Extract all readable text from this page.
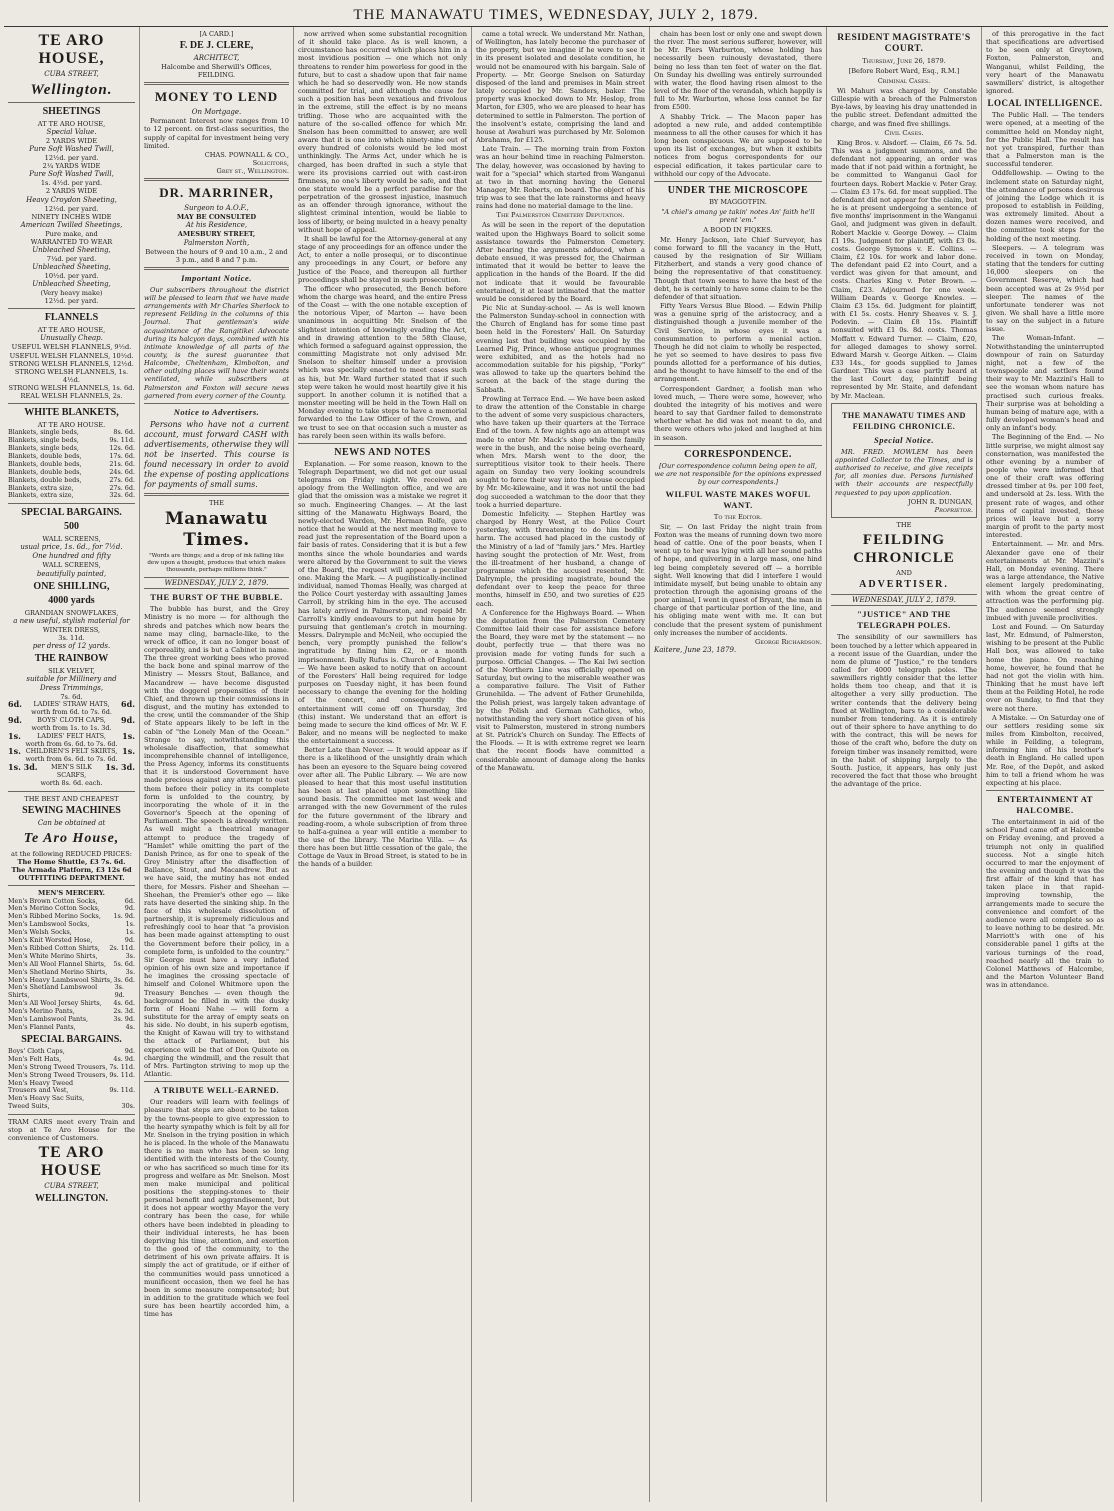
THE MANAWATU TIMES, WEDNESDAY, JULY 2, 1879.
TE ARO HOUSE,
CUBA STREET,
Wellington.
SHEETINGS
AT TE ARO HOUSE,
Special Value.
2 YARDS WIDE
Pure Soft Washed Twill,
12½d. per yard.
2¼ YARDS WIDE
Pure Soft Washed Twill,
1s. 4½d. per yard.
2 YARDS WIDE
Heavy Croydon Sheeting,
12½d. per yard.
NINETY INCHES WIDE
American Twilled Sheetings,
Pure make, and
WARRANTED TO WEAR
Unbleached Sheeting,
7¼d. per yard.
Unbleached Sheeting,
10½d. per yard.
Unbleached Sheeting,
(Very heavy make)
12½d. per yard.
FLANNELS
AT TE ARO HOUSE,
Unusually Cheap.
USEFUL WELSH FLANNELS, 9½d.
USEFUL WELSH FLANNELS, 10½d.
STRONG WELSH FLANNELS, 12½d.
STRONG WELSH FLANNELS, 1s. 4½d.
STRONG WELSH FLANNELS, 1s. 6d.
REAL WELSH FLANNELS, 2s.
WHITE BLANKETS,
AT TE ARO HOUSE.
Blankets, single beds,	8s. 6d.
Blankets, single beds,	9s. 11d.
Blankets, single beds,	12s. 6d.
Blankets, double beds,	17s. 6d.
Blankets, double beds,	21s. 6d.
Blankets, double beds,	24s. 6d.
Blankets, double beds,	27s. 6d.
Blankets, extra size,	27s. 6d.
Blankets, extra size,	32s. 6d.
SPECIAL BARGAINS.
500
WALL SCREENS,
usual price, 1s. 6d., for 7½d.
One hundred and fifty
WALL SCREENS,
beautifully painted,
ONE SHILLING,
4000 yards
GRANDIAN SNOWFLAKES,
a new useful, stylish material for
WINTER DRESS,
3s. 11d.
per dress of 12 yards.
THE RAINBOW
SILK VELVET,
suitable for Millinery and
Dress Trimmings,
7s. 6d.
6d.	LADIES' STRAW HATS,	6d.
worth from 6d. to 7s. 6d.
9d.	BOYS' CLOTH CAPS,	9d.
worth from 1s. to 1s. 3d.
1s.	LADIES' FELT HATS,	1s.
worth from 6s. 6d. to 7s. 6d.
1s. CHILDREN'S FELT SKIRTS, 1s.
worth from 6s. 6d. to 7s. 6d.
1s. 3d.	MEN'S SILK SCARFS,
1s. 3d.
worth 8s. 6d. each.
THE BEST AND CHEAPEST
SEWING MACHINES
Can be obtained at
Te Aro House,
at the following REDUCED PRICES:
The Home Shuttle, £3 7s. 6d.
The Armada Platform, £3 12s 6d
OUTFITTING DEPARTMENT.
MEN'S MERCERY.
Men's Brown Cotton Socks,	6d.
Men's Merino Cotton Socks,	9d.
Men's Ribbed Merino Socks, 1s. 9d.
Men's Lambswool Socks,	1s.
Men's Welsh Socks,	1s.
Men's Knit Worsted Hose,	9d.
Men's Ribbed Cotton Shirts, 2s. 11d.
Men's White Merino Shirts,	3s.
Men's All Wool Flannel Shirts, 5s. 6d.
Men's Shetland Merino Shirts,	3s.
Men's Heavy Lambswool Shirts, 3s. 6d.
Men's Shetland Lambswool Shirts,
3s. 9d.
Men's All Wool Jersey Shirts, 4s. 6d.
Men's Merino Pants,	2s. 3d.
Men's Lambswool Pants,	3s. 9d.
Men's Flannel Pants,	4s.
SPECIAL BARGAINS.
Boys' Cloth Caps,	9d.
Men's Felt Hats,	4s. 9d.
Men's Strong Tweed Trousers, 7s. 11d.
Men's Strong Tweed Trousers, 9s. 11d.
Men's Heavy Tweed
Trousers and Vest,	9s. 11d.
Men's Heavy Sac Suits,
Tweed Suits,	30s.
TRAM CARS meet every Train and stop at Te Aro House for the convenience of Customers.
TE ARO HOUSE
CUBA STREET,
WELLINGTON.
[A CARD.]
F. DE J. CLERE,
ARCHITECT,
Halcombe and Sherwill's Offices, FEILDING.
MONEY TO LEND
On Mortgage.

Permanent Interest now ranges from 10 to 12 percent. on first-class securities, the supply of capital for investment being very limited.

CHAS. POWNALL & CO.,
Solicitors,
Grey st., Wellington.
DR. MARRINER,
Surgeon to A.O.F.,
MAY BE CONSULTED
At his Residence,
AMESBURY STREET,
Palmerston North,
Between the hours of 9 and 10 a.m., 2 and 3 p.m., and 8 and 7 p.m.
Important Notice.

Our subscribers throughout the district will be pleased to learn that we have made arrangements with Mr Charles Sherlock to represent Feilding in the columns of this Journal. That gentleman's wide acquaintance of the Rangitikei Advocate during its halcyon days, combined with his intimate knowledge of all parts of the county, is the surest guarantee that Halcombe, Cheltenham, Kimbolton, and other outlying places will have their wants ventilated, while subscribers at Palmerston and Foxton will secure news garnered from every corner of the County.

Notice to Advertisers.

Persons who have not a current account, must forward CASH with advertisements, otherwise they will not be inserted. This course is found necessary in order to avoid the expense of posting applications for payments of small sums.

THE
Manawatu Times.
"Words are things; and a drop of ink falling like dew upon a thought, produces that which makes thousands, perhaps millions think."
WEDNESDAY, JULY 2, 1879.
THE BURST OF THE BUBBLE.

The bubble has burst, and the Grey Ministry is no more — for although the shreds and patches which now bears the name may cling, barnacle-like, to the wreck of office, it can no longer boast of corporeality, and is but a Cabinet in name. The three great working bees who proved the back bone and spinal marrow of the Ministry — Messrs Stout, Ballance, and Macandrew — have become disgusted with the doggerel propensities of their Chief, and thrown up their commissions in disgust, and the mutiny has extended to the crew, until the commander of the Ship of State appears likely to be left in the cabin of "the Lonely Man of the Ocean." Strange to say, notwithstanding this wholesale disaffection, that somewhat incomprehensible channel of intelligence, the Press Agency, informs its constituents that it is understood Government have made precious against any attempt to oust them before their policy in its complete form is unfolded to the country, by incorporating the whole of it in the Governor's Speech at the opening of Parliament. The speech is already written. As well might a theatrical manager attempt to produce the tragedy of "Hamlet" while omitting the part of the Danish Prince, as for one to speak of the Grey Ministry after the disaffection of Ballance, Stout, and Macandrew. But as we have said, the mutiny has not ended there, for Messrs. Fisher and Sheehan — Sheehan, the Premier's other ego — like rats have deserted the sinking ship. In the face of this wholesale dissolution of partnership, it is supremely ridiculous and refreshingly cool to hear that "a provision has been made against attempting to oust the Government before their policy, in a complete form, is unfolded to the country." Sir George must have a very inflated opinion of his own size and importance if he imagines the crossing spectacle of himself and Colonel Whitmore upon the Treasury Benches — even though the background be filled in with the dusky form of Hoani Nahe — will form a substitute for the array of empty seats on his side. No doubt, in his superb egotism, the Knight of Kawau will try to withstand the attack of Parliament, but his experience will be that of Don Quixote on charging the windmill, and the result that of Mrs. Partington striving to mop up the Atlantic.

A TRIBUTE WELL-EARNED.

Our readers will learn with feelings of pleasure that steps are about to be taken by the towns-people to give expression to the hearty sympathy which is felt by all for Mr. Snelson in the trying position in which he is placed. In the whole of the Manawatu there is no man who has been so long identified with the interests of the County, or who has sacrificed so much time for its progress and welfare as Mr. Snelson. Most men make municipal and political positions the stepping-stones to their personal benefit and aggrandisement, but it does not appear worthy Mayor the very contrary has been the case, for while others have been indebted in pleading to their individual interests, he has been depriving his time, attention, and exertion to the good of the community, to the detriment of his own private affairs. It is simply the act of gratitude, or if either of the communities would pass unnoticed a munificent occasion, then we feel he has been in some measure compensated; but in addition to the gratitude which we feel sure has been heartily accorded him, a time has

now arrived when some substantial recognition of it should take place. As is well known, a circumstance has occurred which places him in a most invidious position — one which not only threatens to render him powerless for good in the future, but to cast a shadow upon that fair name which he had so deservedly won. He now stands committed for trial, and although the cause for such a position has been vexatious and frivolous in the extreme, still the effect is by no means trifling. Those who are acquainted with the nature of the so-called offence for which Mr. Snelson has been committed to answer, are well aware that it is one into which ninety-nine out of every hundred of colonists would be led most unthinkingly. The Arms Act, under which he is charged, has been drafted in such a style that were its provisions carried out with cast-iron firmness, no one's liberty would be safe, and that one statute would be a perfect paradise for the perpetration of the grossest injustice, inasmuch as an offender through ignorance, without the slightest criminal intention, would be liable to loss of liberty, or being mulcted in a heavy penalty without hope of appeal.

It shall be lawful for the Attorney-general at any stage of any proceedings for an offence under the Act, to enter a nolle prosequi, or to discontinue any proceedings in any Court, or before any Justice of the Peace, and thereupon all further proceedings shall be stayed in such prosecution.

The officer who prosecuted, the Bench before whom the charge was heard, and the entire Press of the Coast — with the one notable exception of the notorious Viper, of Marton — have been unanimous in acquitting Mr. Snelson of the slightest intention of knowingly evading the Act, and in drawing attention to the 58th Clause, which formed a safeguard against oppression, the committing Magistrate not only advised Mr. Snelson to shelter himself under a provision which was specially enacted to meet cases such as his, but Mr. Ward further stated that if such step were taken he would most heartily give it his support. In another column it is notified that a monster meeting will be held in the Town Hall on Monday evening to take steps to have a memorial forwarded to the Law Officer of the Crown, and we trust to see on that occasion such a muster as has rarely been seen within its walls before.

NEWS AND NOTES

Explanation. — For some reason, known to the Telegraph Department, we did not get our usual telegrams on Friday night. We received an apology from the Wellington office, and we are glad that the omission was a mistake we regret it so much. Engineering Changes. — At the last sitting of the Manawatu Highways Board, the newly-elected Warden, Mr. Herman Rolfe, gave notice that he would at the next meeting move to read just the representation of the Board upon a fair basis of rates. Considering that it is but a few months since the whole boundaries and wards were altered by the Government to suit the views of the Board, the request will appear a peculiar one. Making the Mark. — A pugilistically-inclined individual, named Thomas Heally, was charged at the Police Court yesterday with assaulting James Carroll, by striking him in the eye. The accused has lately arrived in Palmerston, and repaid Mr. Carroll's kindly endeavours to put him home by pursuing that gentleman's crotch in mourning. Messrs. Dalrymple and McNeil, who occupied the bench, very promptly punished the fellow's ingratitude by fining him £2, or a month imprisonment. Bully Rufus is. Church of England. — We have been asked to notify that on account of the Foresters' Hall being required for lodge purposes on Tuesday night, it has been found necessary to change the evening for the holding of the concert, and consequently the entertainment will come off on Thursday, 3rd (this) instant. We understand that an effort is being made to secure the kind offices of Mr. W. F. Baker, and no means will be neglected to make the entertainment a success.

Better Late than Never. — It would appear as if there is a likelihood of the unsightly drain which has been an eyesore to the Square being covered over after all. The Public Library. — We are now pleased to hear that this most useful institution has been at last placed upon something like sound basis. The committee met last week and arranged with the new Government of the rules for the future government of the library and reading-room, a whole subscription of from three to half-a-guinea a year will entitle a member to the use of the library. The Marine Villa. — As there has been but little cessation of the gale, the Cottage de Vaux in Broad Street, is stated to be in the hands of a builder.

came a total wreck. We understand Mr. Nathan, of Wellington, has lately become the purchaser of the property, but we imagine if he were to see it in its present isolated and desolate condition, he would not be enamoured with his bargain. Sale of Property. — Mr. George Snelson on Saturday disposed of the land and premises in Main street lately occupied by Mr. Sanders, baker. The property was knocked down to Mr. Heslop, from Marton, for £305, who we are pleased to hear has determined to settle in Palmerston. The portion of the insolvent's estate, comprising the land and house at Awahuri was purchased by Mr. Solomon Abrahams, for £125.

Late Train. — The morning train from Foxton was an hour behind time in reaching Palmerston. The delay, however, was occasioned by having to wait for a "special" which started from Wanganui at two in that morning having the General Manager, Mr. Roberts, on board. The object of his trip was to see that the late rainstorms and heavy rains had done no material damage to the line.

The Palmerston Cemetery Deputation.

As will be seen in the report of the deputation waited upon the Highways Board to solicit some assistance towards the Palmerston Cemetery. After hearing the arguments adduced, when a debate ensued, it was pressed for, the Chairman intimated that it would be better to leave the application in the hands of the Board. If the did not indicate that it would be favourable entertained, it at least intimated that the matter would be considered by the Board.

Pic Nic at Sunday-school. — As is well known the Palmerston Sunday-school in connection with the Church of England has for some time past been held in the Foresters' Hall. On Saturday evening last that building was occupied by the Learned Pig, Prince, whose antique programmes were exhibited, and as the hotels had no accommodation suitable for his pigship, "Porky" was allowed to take up the quarters behind the screen at the back of the stage during the Sabbath.

Prowling at Terrace End. — We have been asked to draw the attention of the Constable in charge to the advent of some very suspicious characters, who have taken up their quarters at the Terrace End of the town. A few nights ago an attempt was made to enter Mr. Mack's shop while the family were in the bush, and the noise being overheard, when Mrs. Marsh went to the door, the surreptitious visitor took to their heels. There again on Sunday two very looking scoundrels sought to force their way into the house occupied by Mr. Mc-kilewaine, and it was not until the bad dog succeeded a watchman to the door that they took a hurried departure.

Domestic Infelicity. — Stephen Hartley was charged by Henry West, at the Police Court yesterday, with threatening to do him bodily harm. The accused had placed in the custody of the Ministry of a lad of "family jars." Mrs. Hartley having sought the protection of Mr. West, from the ill-treatment of her husband, a change of programme which the accused resented, Mr. Dalrymple, the presiding magistrate, bound the defendant over to keep the peace for three months, himself in £50, and two sureties of £25 each.

A Conference for the Highways Board. — When the deputation from the Palmerston Cemetery Committee laid their case for assistance before the Board, they were met by the statement — no doubt, perfectly true — that there was no provision made for voting funds for such a purpose. Official Changes. — The Kai Iwi section of the Northern Line was officially opened on Saturday, but owing to the miserable weather was a comparative failure. The Visit of Father Grunehilda. — The advent of Father Grunehilda, the Polish priest, was largely taken advantage of by the Polish and German Catholics, who, notwithstanding the very short notice given of his visit to Palmerston, mustered in strong numbers at St. Patrick's Church on Sunday. The Effects of the Floods. — It is with extreme regret we learn that the recent floods have committed a considerable amount of damage along the banks of the Manawatu.

chain has been lost or only one and swept down the river. The most serious sufferer, however, will be Mr. Piers Warburton, whose holding has necessarily been ruinously devastated, there being no less than ten feet of water on the flat. On Sunday his dwelling was entirely surrounded with water, the flood having risen almost to the level of the floor of the verandah, which happily is full to Mr. Warburton, whose loss cannot be far from £500.

A Shabby Trick. — The Macon paper has adopted a new rule, and added contemptible meanness to all the other causes for which it has long been conspicuous. We are supposed to be upon its list of exchanges, but when it exhibits notices from bogus correspondents for our especial edification, it takes particular care to withhold our copy of the Advocate.

UNDER THE MICROSCOPE
BY MAGGOTFIN.
"A chiel's amang ye takin' notes An' faith he'll prent 'em."
A BOOD IN FIQKES.

Mr. Henry Jackson, late Chief Surveyor, has come forward to fill the vacancy in the Hutt, caused by the resignation of Sir William Fitzherbert, and stands a very good chance of being the representative of that constituency. Though that town seems to have the best of the debt, he is certainly to have some claim to be the defender of that situation.

Fifty Years Versus Blue Blood. — Edwin Philip was a genuine sprig of the aristocracy, and a distinguished though a juvenile member of the Civil Service, in whose eyes it was a consummation to perform a menial action. Though he did not claim to wholly be respected, he yet so seemed to have desires to pass five pounds allotted for a performance of his duties, and he thought to have himself to the end of the arrangement.

Correspondent Gardner, a foolish man who loved much, — There were some, however, who doubted the integrity of his motives and were heard to say that Gardner failed to demonstrate whether what he did was not meant to do, and there were others who joked and laughed at him in season.

CORRESPONDENCE.
[Our correspondence column being open to all, we are not responsible for the opinions expressed by our correspondents.]
WILFUL WASTE MAKES WOFUL WANT.
To the Editor.

Sir, — On last Friday the night train from Foxton was the means of running down two more head of cattle. One of the poor beasts, when I went up to her was lying with all her sound paths of hope, and quivering in a large mass, one hind leg being completely severed off — a horrible sight. Well knowing that did I interfere I would intimidate myself, but being unable to obtain any protection through the agonising groans of the poor animal, I went in quest of Bryant, the man in charge of that particular portion of the line, and his obliging mate went with me. It can but conclude that the present system of punishment only increases the number of accidents.

George Richardson.
Kaitere, June 23, 1879.
RESIDENT MAGISTRATE'S COURT.
Thursday, June 26, 1879.
[Before Robert Ward, Esq., R.M.]
Criminal Cases.

Wi Mahuri was charged by Constable Gillespie with a breach of the Palmerston Bye-laws, by leaving his dray unattended in the public street. Defendant admitted the charge, and was fined five shillings.

Civil Cases.

King Bros. v. Alsdorf. — Claim, £6 7s. 5d. This was a judgment summons, and the defendant not appearing, an order was made that if not paid within a fortnight, he be committed to Wanganui Gaol for fourteen days. Robert Mackie v. Peter Gray. — Claim £3 17s. 6d. for meat supplied. The defendant did not appear for the claim, but he is at present undergoing a sentence of five months' imprisonment in the Wanganui Gaol, and judgment was given in default. Robert Mackie v. George Dowey. — Claim £1 19s. Judgment for plaintiff, with £3 0s. costs. George Symons v. E. Collins. — Claim, £2 10s. for work and labor done. The defendant paid £2 into Court, and a verdict was given for that amount, and costs. Charles King v. Peter Brown. — Claim, £23. Adjourned for one week. William Deards v. George Knowles. — Claim £3 15s. 6d. Judgment for plaintiff, with £1 5s. costs. Henry Sheaves v. S. J. Podevin. — Claim £8 15s. Plaintiff nonsuited with £1 0s. 8d. costs. Thomas Moffatt v. Edward Turner. — Claim, £20, for alleged damages to showy sorrel. Edward Marsh v. George Aitken. — Claim £33 14s., for goods supplied to James Gardner. This was a case partly heard at the last Court day, plaintiff being represented by Mr. Staite, and defendant by Mr. Maclean.

THE MANAWATU TIMES AND FEILDING CHRONICLE.
Special Notice.

MR. FRED. MOWLEM has been appointed Collector to the Times, and is authorised to receive, and give receipts for, all monies due. Persons furnished with their accounts are respectfully requested to pay upon application.

JOHN R. DUNGAN,
Proprietor.
THE
FEILDING CHRONICLE
AND
ADVERTISER.
WEDNESDAY, JULY 2, 1879.
"JUSTICE" AND THE TELEGRAPH POLES.

The sensibility of our sawmillers has been touched by a letter which appeared in a recent issue of the Guardian, under the nom de plume of "Justice," re the tenders called for 4000 telegraph poles. The sawmillers rightly consider that the letter holds them too cheap, and that it is altogether a very silly production. The writer contends that the delivery being fixed at Wellington, bars to a considerable number from tendering. As it is entirely out of their sphere to have anything to do with the contract, this will be news for those of the craft who, before the duty on foreign timber was insanely remitted, were in the habit of shipping largely to the South. Justice, it appears, has only just recovered the fact that those who brought the advantage of the price.

of this prerogative in the fact that specifications are advertised to be seen only at Greytown, Foxton, Palmerston, and Wanganui, whilst Feilding, the very heart of the Manawatu sawmillers' district, is altogether ignored.

LOCAL INTELLIGENCE.

The Public Hall. — The tenders were opened, at a meeting of the committee held on Monday night, for the Public Hall. The result has not yet transpired, further than that a Palmerston man is the successful tenderer.

Oddfellowship. — Owing to the inclement state on Saturday night, the attendance of persons desirous of joining the Lodge which it is proposed to establish in Feilding, was extremely limited. About a dozen names were received, and the committee took steps for the holding of the next meeting.

Sleepers. — A telegram was received in town on Monday, stating that the tenders for cutting 16,000 sleepers on the Government Reserve, which had been accepted was at 2s 9½d per sleeper. The names of the unfortunate tenderer was not given. We shall have a little more to say on the subject in a future issue.

The Woman-Infant. — Notwithstanding the uninterrupted downpour of rain on Saturday night, not a few of the townspeople and settlers found their way to Mr. Mazzini's Hall to see the woman whom nature has practised such curious freaks. Their surprise was at beholding a human being of mature age, with a fully developed woman's head and only an infant's body.

The Beginning of the End. — No little surprise, we might almost say consternation, was manifested the other evening by a number of people who were informed that one of their craft was offering dressed timber at 9s. per 100 feet, and undersold at 2s. less. With the present rate of wages, and other items of capital invested, these prices will leave but a sorry margin of profit to the party most interested.

Entertainment. — Mr. and Mrs. Alexander gave one of their entertainments at Mr. Mazzini's Hall, on Monday evening. There was a large attendance, the Native element largely predominating, with whom the great centre of attraction was the performing pig. The audience seemed strongly imbued with juvenile proclivities.

Lost and Found. — On Saturday last, Mr. Edmund, of Palmerston, wishing to be present at the Public Hall box, was allowed to take home the piano. On reaching home, however, he found that he had not got the violin with him. Thinking that he must have left them at the Feilding Hotel, he rode over on Sunday, to find that they were not there.

A Mistake. — On Saturday one of our settlers residing some six miles from Kimbolton, received, while in Feilding, a telegram, informing him of his brother's death in England. He called upon Mr. Roe, of the Depôt, and asked him to tell a friend whom he was expecting at his place.

ENTERTAINMENT AT HALCOMBE.

The entertainment in aid of the school Fund came off at Halcombe on Friday evening, and proved a triumph not only in qualified success. Not a single hitch occurred to mar the enjoyment of the evening and though it was the first affair of the kind that has taken place in that rapid-improving township, the arrangements made to secure the convenience and comfort of the audience were all complete so as to leave nothing to be desired. Mr. Marriott's with one of his considerable panel 1 gifts at the various turnings of the road, reached nearly all the train to Colonel Matthews of Halcombe, and the Marton Volunteer Band was in attendance.
